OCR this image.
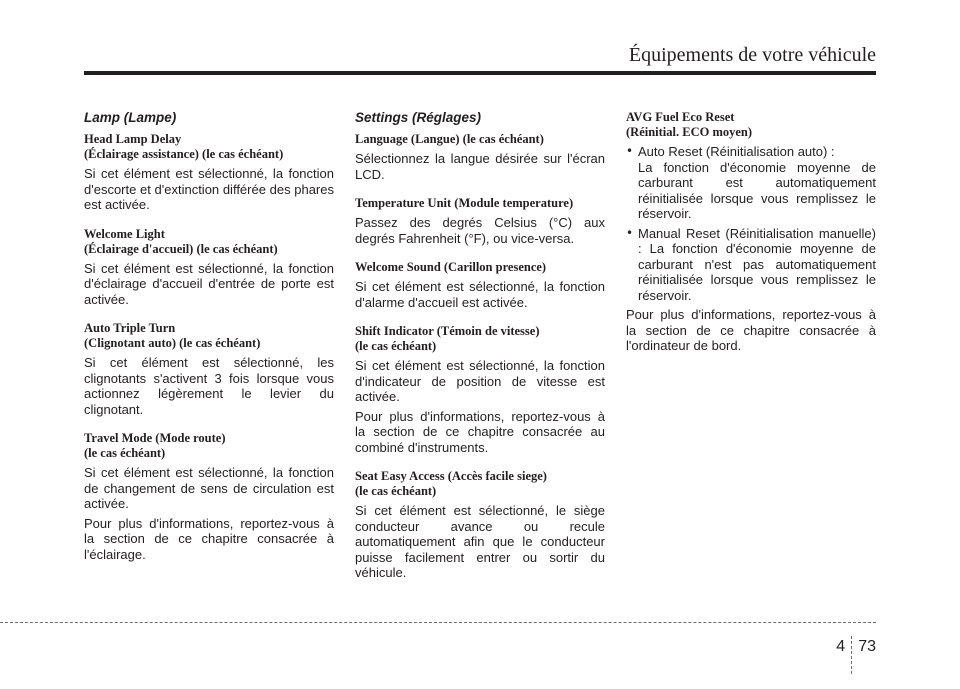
Équipements de votre véhicule
Lamp (Lampe)
Head Lamp Delay
(Éclairage assistance) (le cas échéant)
Si cet élément est sélectionné, la fonction d'escorte et d'extinction différée des phares est activée.
Welcome Light
(Éclairage d'accueil) (le cas échéant)
Si cet élément est sélectionné, la fonction d'éclairage d'accueil d'entrée de porte est activée.
Auto Triple Turn
(Clignotant auto) (le cas échéant)
Si cet élément est sélectionné, les clignotants s'activent 3 fois lorsque vous actionnez légèrement le levier du clignotant.
Travel Mode (Mode route)
(le cas échéant)
Si cet élément est sélectionné, la fonction de changement de sens de circulation est activée.
Pour plus d'informations, reportez-vous à la section de ce chapitre consacrée à l'éclairage.
Settings (Réglages)
Language (Langue) (le cas échéant)
Sélectionnez la langue désirée sur l'écran LCD.
Temperature Unit (Module temperature)
Passez des degrés Celsius (°C) aux degrés Fahrenheit (°F), ou vice-versa.
Welcome Sound (Carillon presence)
Si cet élément est sélectionné, la fonction d'alarme d'accueil est activée.
Shift Indicator (Témoin de vitesse)
(le cas échéant)
Si cet élément est sélectionné, la fonction d'indicateur de position de vitesse est activée.
Pour plus d'informations, reportez-vous à la section de ce chapitre consacrée au combiné d'instruments.
Seat Easy Access (Accès facile siege)
(le cas échéant)
Si cet élément est sélectionné, le siège conducteur avance ou recule automatiquement afin que le conducteur puisse facilement entrer ou sortir du véhicule.
AVG Fuel Eco Reset
(Réinitial. ECO moyen)
• Auto Reset (Réinitialisation auto) :
La fonction d'économie moyenne de carburant est automatiquement réinitialisée lorsque vous remplissez le réservoir.
• Manual Reset (Réinitialisation manuelle) : La fonction d'économie moyenne de carburant n'est pas automatiquement réinitialisée lorsque vous remplissez le réservoir.
Pour plus d'informations, reportez-vous à la section de ce chapitre consacrée à l'ordinateur de bord.
4 73
